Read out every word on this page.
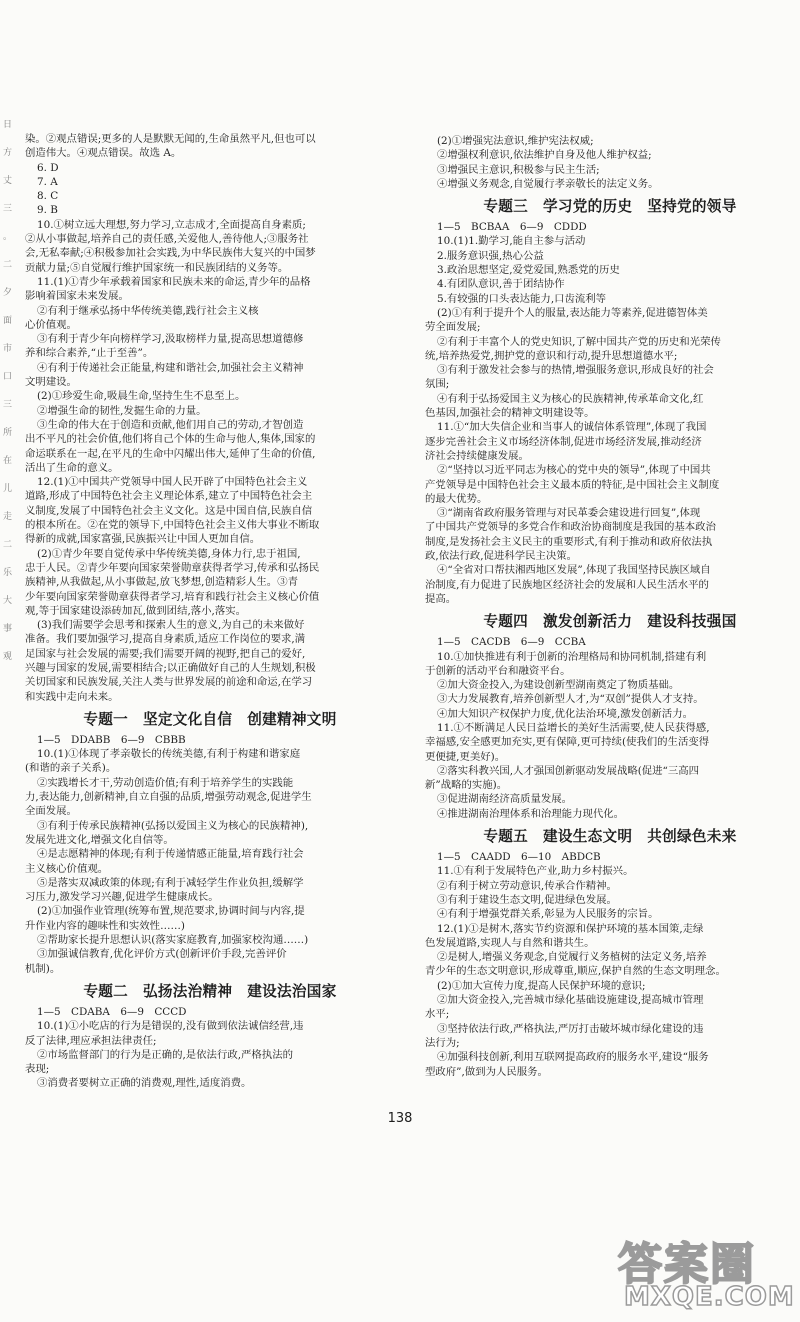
日
方
丈
三
。
二
夕
面
市
口
三
所
在
儿
走
二
乐
大
事
观
染。②观点错误;更多的人是默默无闻的,生命虽然平凡,但也可以
创造伟大。④观点错误。故选 A。
6. D
7. A
8. C
9. B
10.①树立远大理想,努力学习,立志成才,全面提高自身素质;
②从小事做起,培养自己的责任感,关爱他人,善待他人;③服务社
会,无私奉献;④积极参加社会实践,为中华民族伟大复兴的中国梦
贡献力量;⑤自觉履行维护国家统一和民族团结的义务等。
11.(1)①青少年承载着国家和民族未来的命运,青少年的品格
影响着国家未来发展。
②有利于继承弘扬中华传统美德,践行社会主义核
心价值观。
③有利于青少年向榜样学习,汲取榜样力量,提高思想道德修
养和综合素养,“止于至善”。
④有利于传递社会正能量,构建和谐社会,加强社会主义精神
文明建设。
(2)①珍爱生命,吸晨生命,坚持生生不息至上。
②增强生命的韧性,发掘生命的力量。
③生命的伟大在于创造和贡献,他们用自己的劳动,才智创造
出不平凡的社会价值,他们将自己个体的生命与他人,集体,国家的
命运联系在一起,在平凡的生命中闪耀出伟大,延伸了生命的价值,
活出了生命的意义。
12.(1)①中国共产党领导中国人民开辟了中国特色社会主义
道路,形成了中国特色社会主义理论体系,建立了中国特色社会主
义制度,发展了中国特色社会主义文化。这是中国自信,民族自信
的根本所在。②在党的领导下,中国特色社会主义伟大事业不断取
得新的成就,国家富强,民族振兴让中国人更加自信。
(2)①青少年要自觉传承中华传统美德,身体力行,忠于祖国,
忠于人民。②青少年要向国家荣誉勋章获得者学习,传承和弘扬民
族精神,从我做起,从小事做起,放飞梦想,创造精彩人生。③青
少年要向国家荣誉勋章获得者学习,培育和践行社会主义核心价值
观,等于国家建设添砖加瓦,做到团结,落小,落实。
(3)我们需要学会思考和探索人生的意义,为自己的未来做好
准备。我们要加强学习,提高自身素质,适应工作岗位的要求,满
足国家与社会发展的需要;我们需要开阔的视野,把自己的爱好,
兴趣与国家的发展,需要相结合;以正确做好自己的人生规划,积极
关切国家和民族发展,关注人类与世界发展的前途和命运,在学习
和实践中走向未来。
专题一　坚定文化自信　创建精神文明
1—5　DDABB　6—9　CBBB
10.(1)①体现了孝亲敬长的传统美德,有利于构建和谐家庭
(和谐的亲子关系)。
②实践增长才干,劳动创造价值;有利于培养学生的实践能
力,表达能力,创新精神,自立自强的品质,增强劳动观念,促进学生
全面发展。
③有利于传承民族精神(弘扬以爱国主义为核心的民族精神),
发展先进文化,增强文化自信等。
④是志愿精神的体现;有利于传递情感正能量,培育践行社会
主义核心价值观。
⑤是落实双减政策的体现;有利于减轻学生作业负担,缓解学
习压力,激发学习兴趣,促进学生健康成长。
(2)①加强作业管理(统筹布置,规范要求,协调时间与内容,提
升作业内容的趣味性和实效性……)
②帮助家长提升思想认识(落实家庭教育,加强家校沟通……)
③加强诚信教育,优化评价方式(创新评价手段,完善评价
机制)。
专题二　弘扬法治精神　建设法治国家
1—5　CDABA　6—9　CCCD
10.(1)①小吃店的行为是错误的,没有做到依法诚信经营,违
反了法律,理应承担法律责任;
②市场监督部门的行为是正确的,是依法行政,严格执法的
表现;
③消费者要树立正确的消费观,理性,适度消费。
(2)①增强宪法意识,维护宪法权威;
②增强权利意识,依法维护自身及他人维护权益;
③增强民主意识,积极参与民主生活;
④增强义务观念,自觉履行孝亲敬长的法定义务。
专题三　学习党的历史　坚持党的领导
1—5　BCBAA　6—9　CDDD
10.(1)1.勤学习,能自主参与活动
2.服务意识强,热心公益
3.政治思想坚定,爱党爱国,熟悉党的历史
4.有团队意识,善于团结协作
5.有较强的口头表达能力,口齿流利等
(2)①有利于提升个人的服量,表达能力等素养,促进德智体美
劳全面发展;
②有利于丰富个人的党史知识,了解中国共产党的历史和光荣传
统,培养热爱党,拥护党的意识和行动,提升思想道德水平;
③有利于激发社会参与的热情,增强服务意识,形成良好的社会
氛围;
④有利于弘扬爱国主义为核心的民族精神,传承革命文化,红
色基因,加强社会的精神文明建设等。
11.①“加大失信企业和当事人的诚信体系管理”,体现了我国
逐步完善社会主义市场经济体制,促进市场经济发展,推动经济
济社会持续健康发展。
②“坚持以习近平同志为核心的党中央的领导”,体现了中国共
产党领导是中国特色社会主义最本质的特征,是中国社会主义制度
的最大优势。
③“湖南省政府服务管理与对民革委会建设进行回复”,体现
了中国共产党领导的多党合作和政治协商制度是我国的基本政治
制度,是发扬社会主义民主的重要形式,有利于推动和政府依法执
政,依法行政,促进科学民主决策。
④“全省对口帮扶湘西地区发展”,体现了我国坚持民族区域自
治制度,有力促进了民族地区经济社会的发展和人民生活水平的
提高。
专题四　激发创新活力　建设科技强国
1—5　CACDB　6—9　CCBA
10.①加快推进有利于创新的治理格局和协同机制,搭建有利
于创新的活动平台和融资平台。
②加大资金投入,为建设创新型湖南奠定了物质基础。
③大力发展教育,培养创新型人才,为“双创”提供人才支持。
④加大知识产权保护力度,优化法治环境,激发创新活力。
11.①不断满足人民日益增长的美好生活需要,使人民获得感,
幸福感,安全感更加充实,更有保障,更可持续(使我们的生活变得
更便捷,更美好)。
②落实科教兴国,人才强国创新驱动发展战略(促进“三高四
新”战略的实施)。
③促进湖南经济高质量发展。
④推进湖南治理体系和治理能力现代化。
专题五　建设生态文明　共创绿色未来
1—5　CAADD　6—10　ABDCB
11.①有利于发展特色产业,助力乡村振兴。
②有利于树立劳动意识,传承合作精神。
③有利于建设生态文明,促进绿色发展。
④有利于增强党群关系,彰显为人民服务的宗旨。
12.(1)①是树木,落实节约资源和保护环境的基本国策,走绿
色发展道路,实现人与自然和谐共生。
②是树人,增强义务观念,自觉履行义务植树的法定义务,培养
青少年的生态文明意识,形成尊重,顺应,保护自然的生态文明理念。
(2)①加大宣传力度,提高人民保护环境的意识;
②加大资金投入,完善城市绿化基础设施建设,提高城市管理
水平;
③坚持依法行政,严格执法,严厉打击破坏城市绿化建设的违
法行为;
④加强科技创新,利用互联网提高政府的服务水平,建设“服务
型政府”,做到为人民服务。
138
答案圈
MXQE.COM
